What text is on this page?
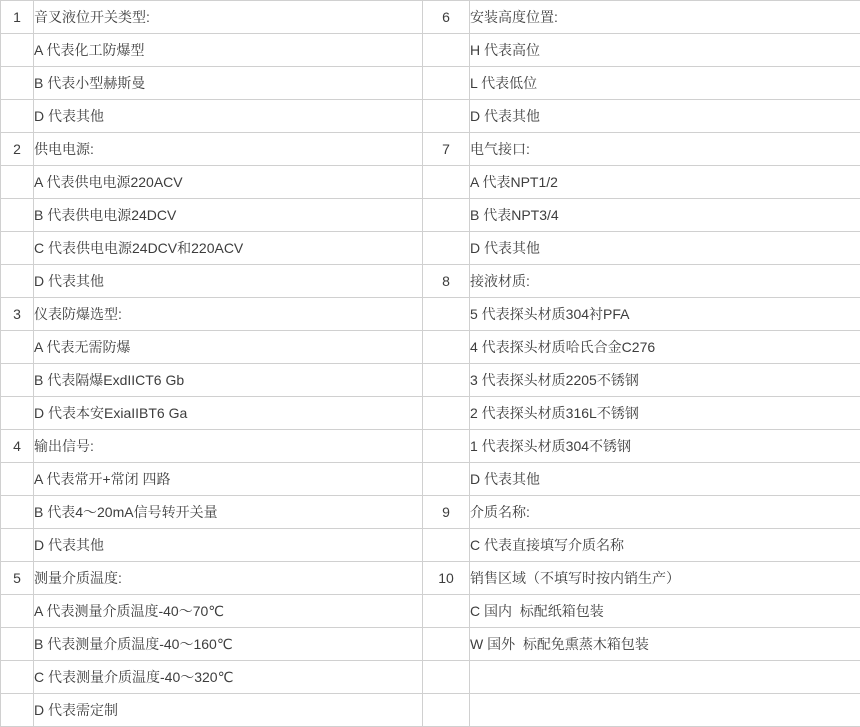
1	音叉液位开关类型:	6	安装高度位置:
	A 代表化工防爆型		H 代表高位
	B 代表小型赫斯曼		L 代表低位
	D 代表其他		D 代表其他
2	供电电源:	7	电气接口:
	A 代表供电电源220ACV		A 代表NPT1/2
	B 代表供电电源24DCV		B 代表NPT3/4
	C 代表供电电源24DCV和220ACV		D 代表其他
	D 代表其他	8	接液材质:
3	仪表防爆选型:		5 代表探头材质304衬PFA
	A 代表无需防爆		4 代表探头材质哈氏合金C276
	B 代表隔爆ExdIICT6 Gb		3 代表探头材质2205不锈钢
	D 代表本安ExiaIIBT6 Ga		2 代表探头材质316L不锈钢
4	输出信号:		1 代表探头材质304不锈钢
	A 代表常开+常闭 四路		D 代表其他
	B 代表4～20mA信号转开关量	9	介质名称:
	D 代表其他		C 代表直接填写介质名称
5	测量介质温度:	10	销售区域（不填写时按内销生产）
	A 代表测量介质温度-40～70℃		C 国内  标配纸箱包装
	B 代表测量介质温度-40～160℃		W 国外  标配免熏蒸木箱包装
	C 代表测量介质温度-40～320℃		
	D 代表需定制		
